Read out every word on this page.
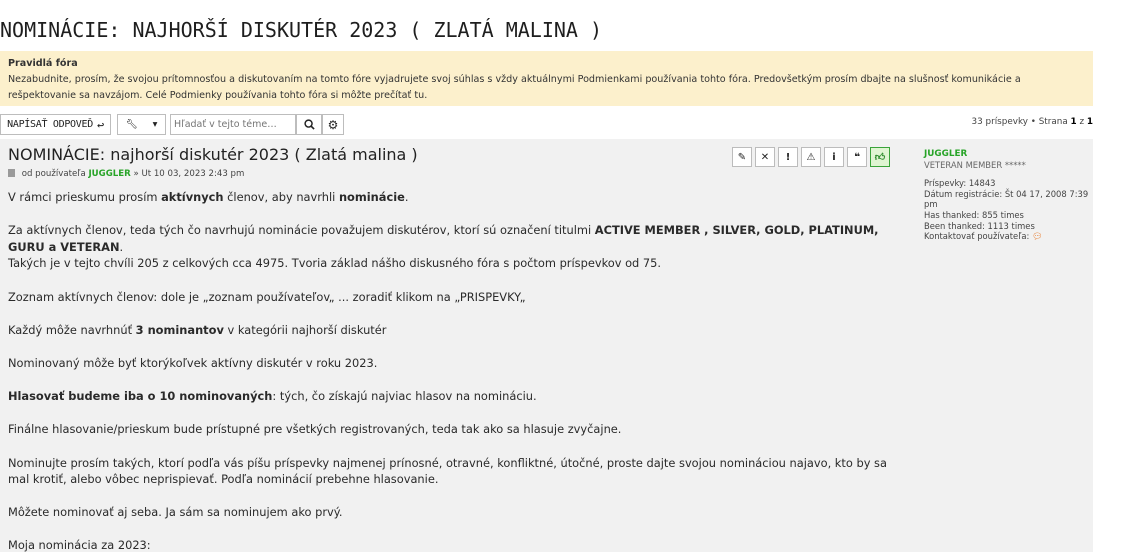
NOMINÁCIE: NAJHORŠÍ DISKUTÉR 2023 ( ZLATÁ MALINA )
Pravidlá fóra
Nezabudnite, prosím, že svojou prítomnosťou a diskutovaním na tomto fóre vyjadrujete svoj súhlas s vždy aktuálnymi Podmienkami používania tohto fóra. Predovšetkým prosím dbajte na slušnosť komunikácie a rešpektovanie sa navzájom. Celé Podmienky používania tohto fóra si môžte prečítať tu.
NAPÍSAŤ ODPOVEĎ ↩ 🔧︎ ▾
Hľadať v tejto téme…	⚙	33 príspevky • Strana 1 z 1
NOMINÁCIE: najhorší diskutér 2023 ( Zlatá malina )
od používateľa JUGGLER » Ut 10 03, 2023 2:43 pm

V rámci prieskumu prosím aktívnych členov, aby navrhli nominácie.

Za aktívnych členov, teda tých čo navrhujú nominácie považujem diskutérov, ktorí sú označení titulmi ACTIVE MEMBER , SILVER, GOLD, PLATINUM, GURU a VETERAN.
Takých je v tejto chvíli 205 z celkových cca 4975. Tvoria základ nášho diskusného fóra s počtom príspevkov od 75.

Zoznam aktívnych členov: dole je „zoznam používateľov„ ... zoradiť klikom na „PRISPEVKY„

Každý môže navrhnúť 3 nominantov v kategórii najhorší diskutér

Nominovaný môže byť ktorýkoľvek aktívny diskutér v roku 2023.

Hlasovať budeme iba o 10 nominovaných: tých, čo získajú najviac hlasov na nomináciu.

Finálne hlasovanie/prieskum bude prístupné pre všetkých registrovaných, teda tak ako sa hlasuje zvyčajne.

Nominujte prosím takých, ktorí podľa vás píšu príspevky najmenej prínosné, otravné, konfliktné, útočné, proste dajte svojou nomináciou najavo, kto by sa mal krotiť, alebo vôbec neprispievať. Podľa nominácií prebehne hlasovanie.

Môžete nominovať aj seba. Ja sám sa nominujem ako prvý.

Moja nominácia za 2023:

✎ ✕ ! ⚠ i ❝ 👍︎	JUGGLER
VETERAN MEMBER *****
Príspevky: 14843
Dátum registrácie: Št 04 17, 2008 7:39 pm
Has thanked: 855 times
Been thanked: 1113 times
Kontaktovať používateľa: 💬︎
